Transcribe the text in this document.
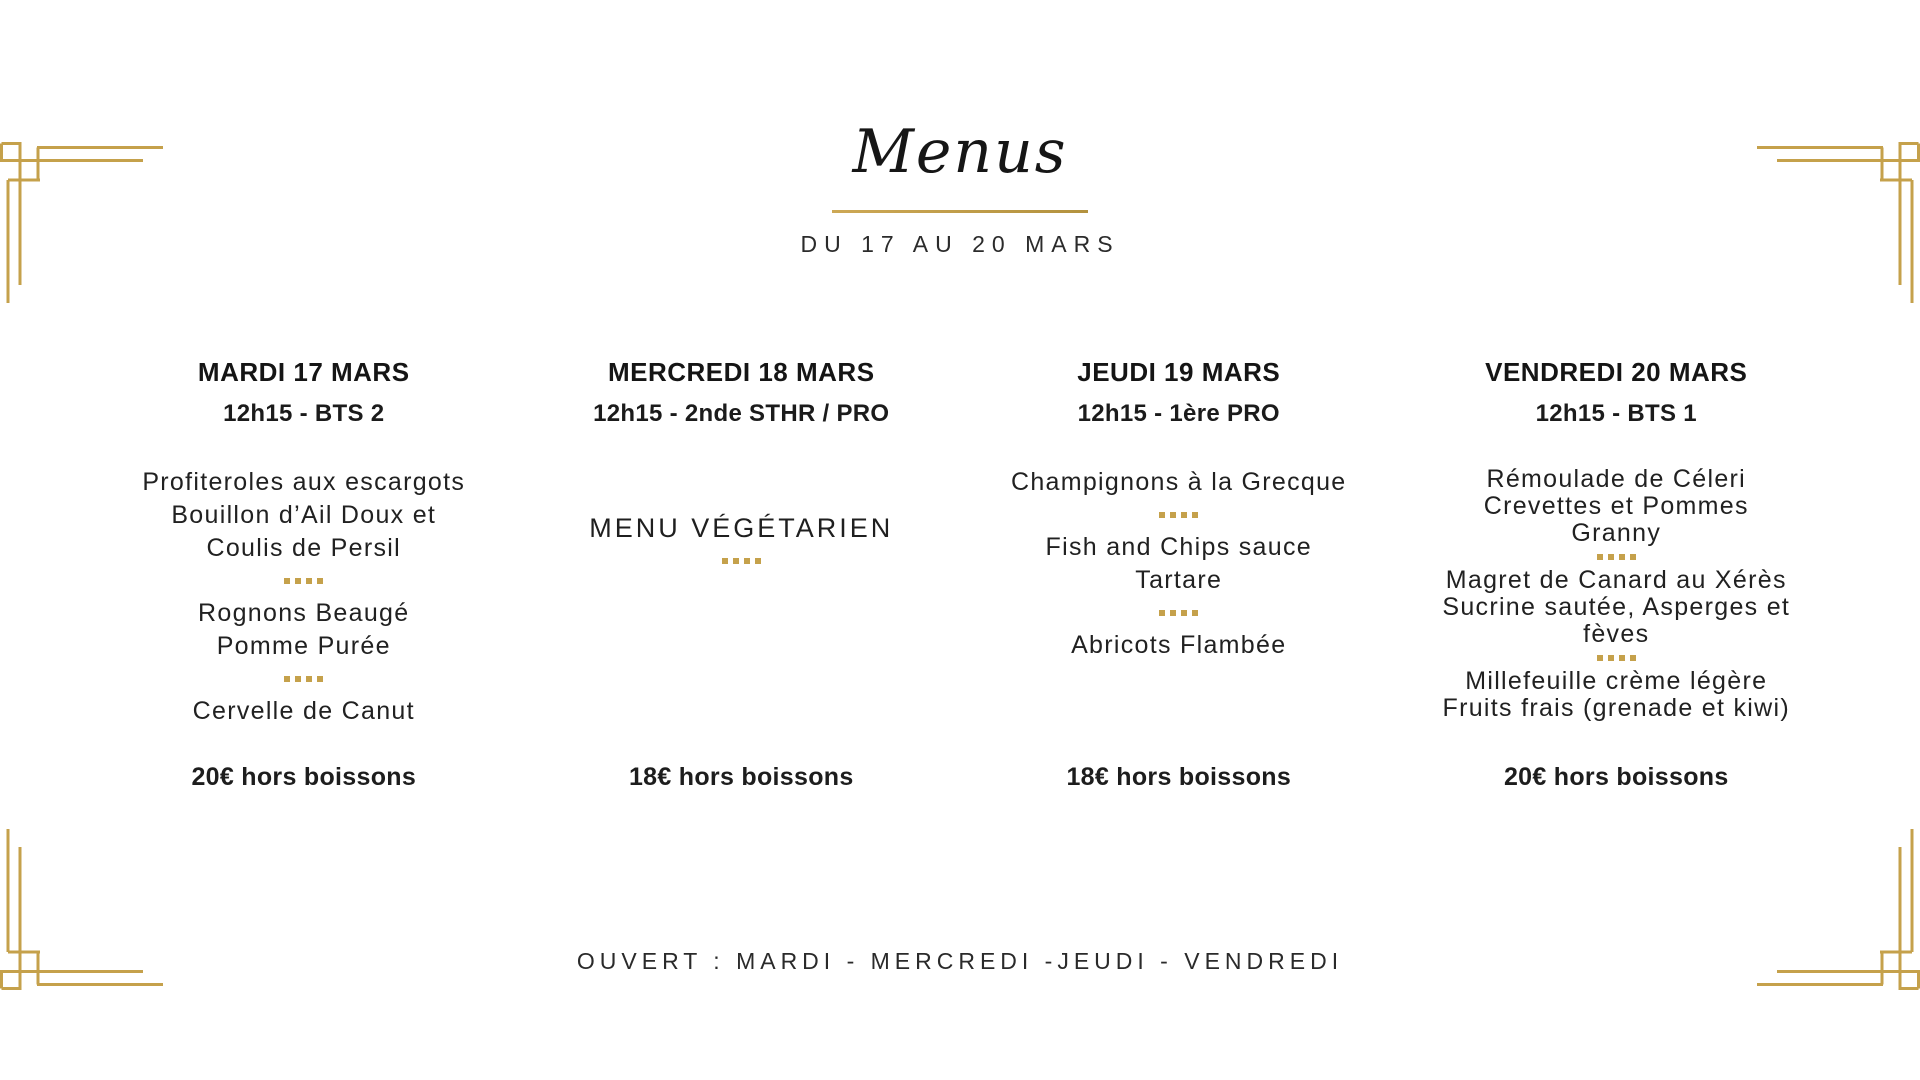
Menus
DU 17 AU 20 MARS
MARDI 17 MARS
12h15 - BTS 2
Profiteroles aux escargots
Bouillon d’Ail Doux et
Coulis de Persil
Rognons Beaugé
Pomme Purée
Cervelle de Canut
MERCREDI 18 MARS
12h15 - 2nde STHR / PRO
MENU VÉGÉTARIEN
JEUDI 19 MARS
12h15 - 1ère PRO
Champignons à la Grecque
Fish and Chips sauce
Tartare
Abricots Flambée
VENDREDI 20 MARS
12h15 - BTS 1
Rémoulade de Céleri
Crevettes et Pommes
Granny
Magret de Canard au Xérès
Sucrine sautée, Asperges et
fèves
Millefeuille crème légère
Fruits frais (grenade et kiwi)
20€ hors boissons	18€ hors boissons	18€ hors boissons	20€ hors boissons
OUVERT : MARDI - MERCREDI -JEUDI - VENDREDI
